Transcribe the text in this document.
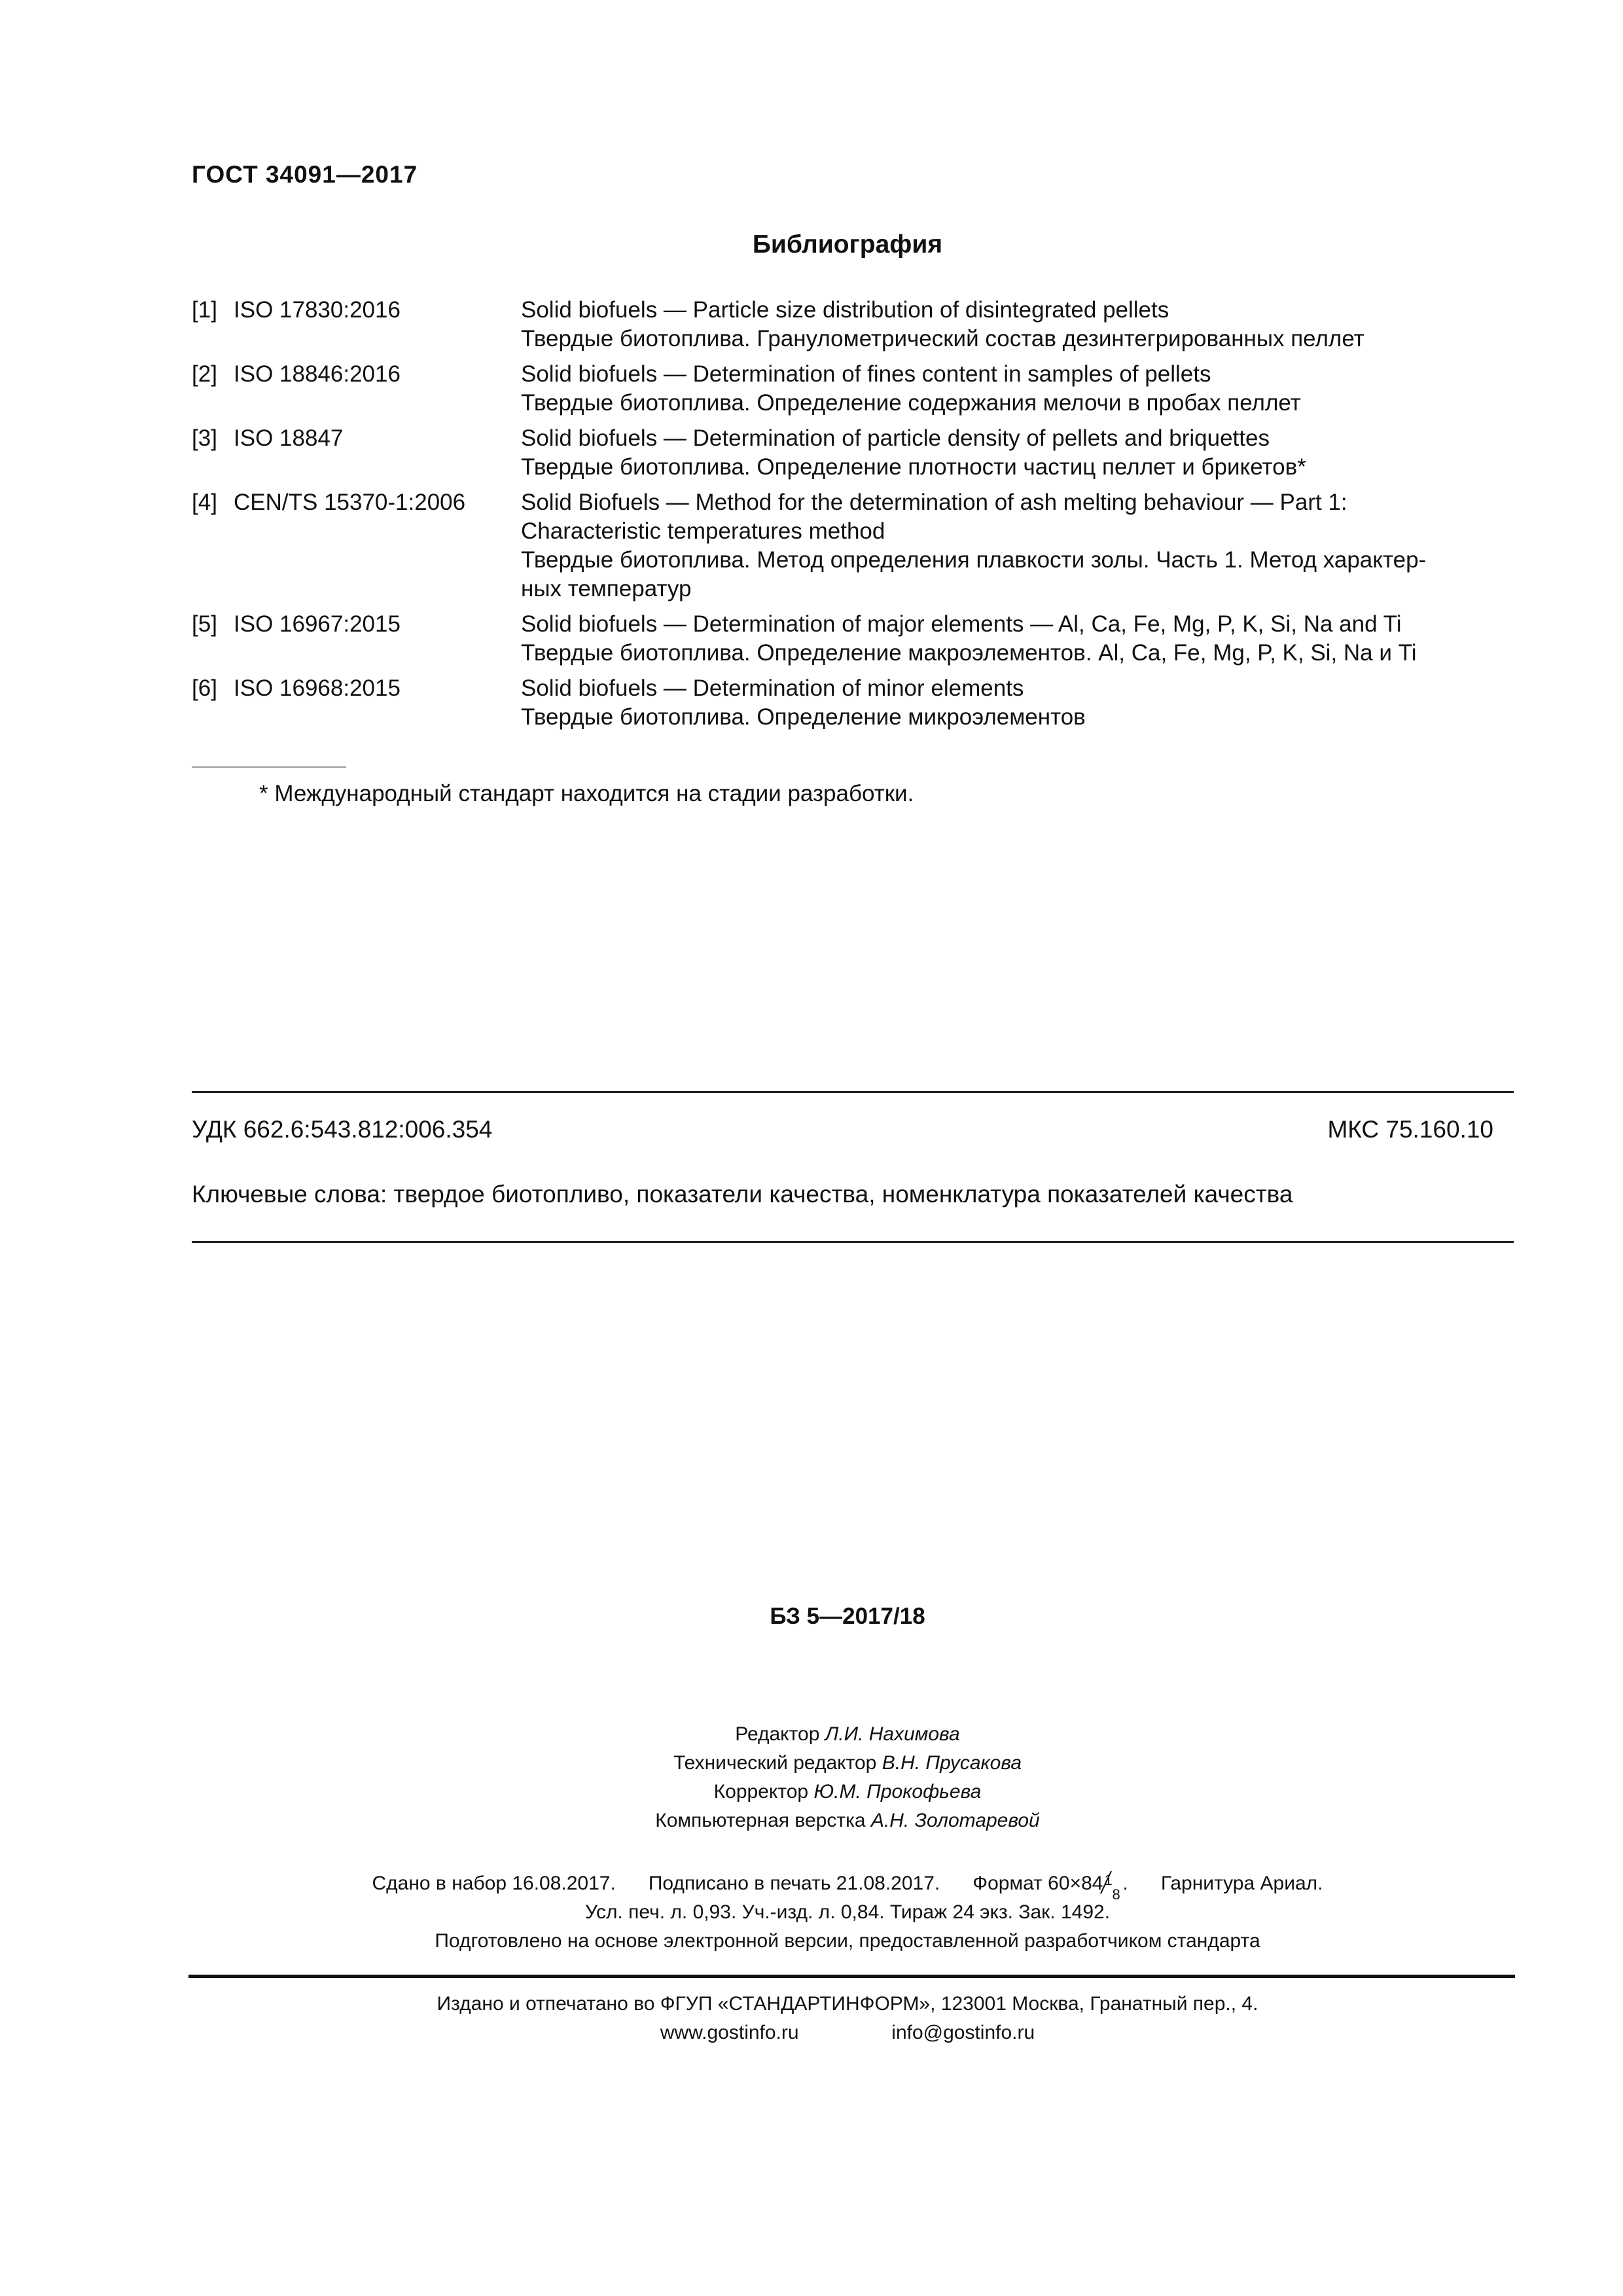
ГОСТ 34091—2017
Библиография
[1] ISO 17830:2016	Solid biofuels — Particle size distribution of disintegrated pellets
Твердые биотоплива. Гранулометрический состав дезинтегрированных пеллет
[2] ISO 18846:2016	Solid biofuels — Determination of fines content in samples of pellets
Твердые биотоплива. Определение содержания мелочи в пробах пеллет
[3] ISO 18847	Solid biofuels — Determination of particle density of pellets and briquettes
Твердые биотоплива. Определение плотности частиц пеллет и брикетов*
[4] CEN/TS 15370-1:2006 Solid Biofuels — Method for the determination of ash melting behaviour — Part 1:
Characteristic temperatures method
Твердые биотоплива. Метод определения плавкости золы. Часть 1. Метод характер-
ных температур
[5] ISO 16967:2015	Solid biofuels — Determination of major elements — Al, Ca, Fe, Mg, P, K, Si, Na and Ti
Твердые биотоплива. Определение макроэлементов. Al, Ca, Fe, Mg, P, K, Si, Na и Ti
[6] ISO 16968:2015	Solid biofuels — Determination of minor elements
Твердые биотоплива. Определение микроэлементов
* Международный стандарт находится на стадии разработки.
УДК 662.6:543.812:006.354	МКС 75.160.10
Ключевые слова: твердое биотопливо, показатели качества, номенклатура показателей качества
БЗ 5—2017/18
Редактор Л.И. Нахимова
Технический редактор В.Н. Прусакова
Корректор Ю.М. Прокофьева
Компьютерная верстка А.Н. Золотаревой
Сдано в набор 16.08.2017. Подписано в печать 21.08.2017. Формат 60×84 1
8
.      Гарнитура Ариал.
Усл. печ. л. 0,93. Уч.-изд. л. 0,84. Тираж 24 экз. Зак. 1492.
Подготовлено на основе электронной версии, предоставленной разработчиком стандарта
Издано и отпечатано во ФГУП «СТАНДАРТИНФОРМ», 123001 Москва, Гранатный пер., 4.
www.gostinfo.ru	info@gostinfo.ru
